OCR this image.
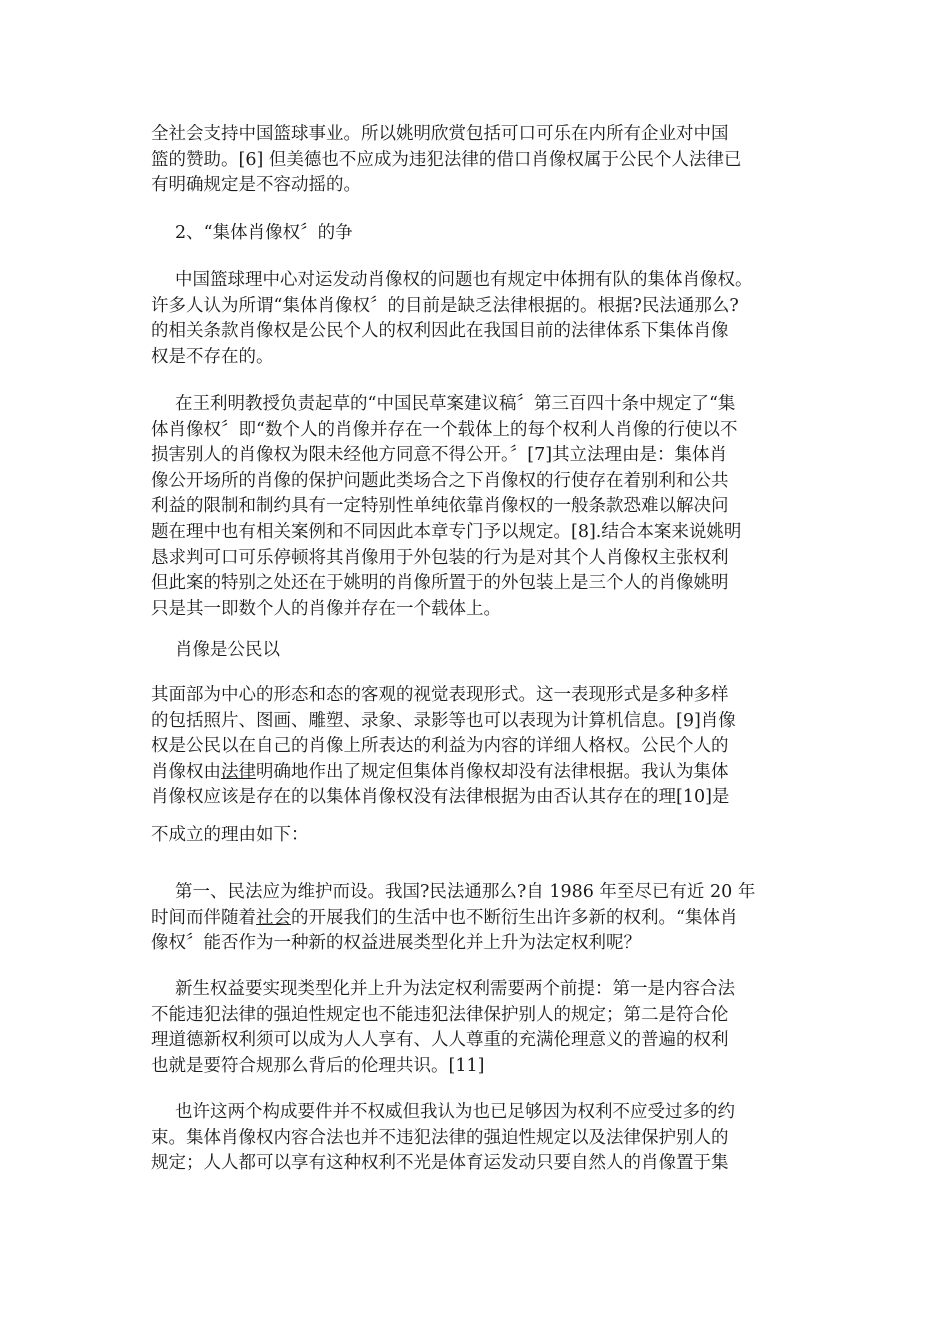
全社会支持中国篮球事业。所以姚明欣赏包括可口可乐在内所有企业对中国
篮的赞助。[6] 但美德也不应成为违犯法律的借口肖像权属于公民个人法律已
有明确规定是不容动摇的。
2、“集体肖像权〞的争
中国篮球理中心对运发动肖像权的问题也有规定中体拥有队的集体肖像权。
许多人认为所谓“集体肖像权〞的目前是缺乏法律根据的。根据?民法通那么?
的相关条款肖像权是公民个人的权利因此在我国目前的法律体系下集体肖像
权是不存在的。
在王利明教授负责起草的“中国民草案建议稿〞第三百四十条中规定了“集
体肖像权〞即“数个人的肖像并存在一个载体上的每个权利人肖像的行使以不
损害别人的肖像权为限未经他方同意不得公开。〞[7]其立法理由是：集体肖
像公开场所的肖像的保护问题此类场合之下肖像权的行使存在着别利和公共
利益的限制和制约具有一定特别性单纯依靠肖像权的一般条款恐难以解决问
题在理中也有相关案例和不同因此本章专门予以规定。[8].结合本案来说姚明
恳求判可口可乐停顿将其肖像用于外包装的行为是对其个人肖像权主张权利
但此案的特别之处还在于姚明的肖像所置于的外包装上是三个人的肖像姚明
只是其一即数个人的肖像并存在一个载体上。
肖像是公民以
其面部为中心的形态和态的客观的视觉表现形式。这一表现形式是多种多样
的包括照片、图画、雕塑、录象、录影等也可以表现为计算机信息。[9]肖像
权是公民以在自己的肖像上所表达的利益为内容的详细人格权。公民个人的
肖像权由法律明确地作出了规定但集体肖像权却没有法律根据。我认为集体
肖像权应该是存在的以集体肖像权没有法律根据为由否认其存在的理[10]是
不成立的理由如下：
第一、民法应为维护而设。我国?民法通那么?自 1986 年至尽已有近 20 年
时间而伴随着社会的开展我们的生活中也不断衍生出许多新的权利。“集体肖
像权〞能否作为一种新的权益进展类型化并上升为法定权利呢？
新生权益要实现类型化并上升为法定权利需要两个前提：第一是内容合法
不能违犯法律的强迫性规定也不能违犯法律保护别人的规定；第二是符合伦
理道德新权利须可以成为人人享有、人人尊重的充满伦理意义的普遍的权利
也就是要符合规那么背后的伦理共识。[11]
也许这两个构成要件并不权威但我认为也已足够因为权利不应受过多的约
束。集体肖像权内容合法也并不违犯法律的强迫性规定以及法律保护别人的
规定；人人都可以享有这种权利不光是体育运发动只要自然人的肖像置于集
